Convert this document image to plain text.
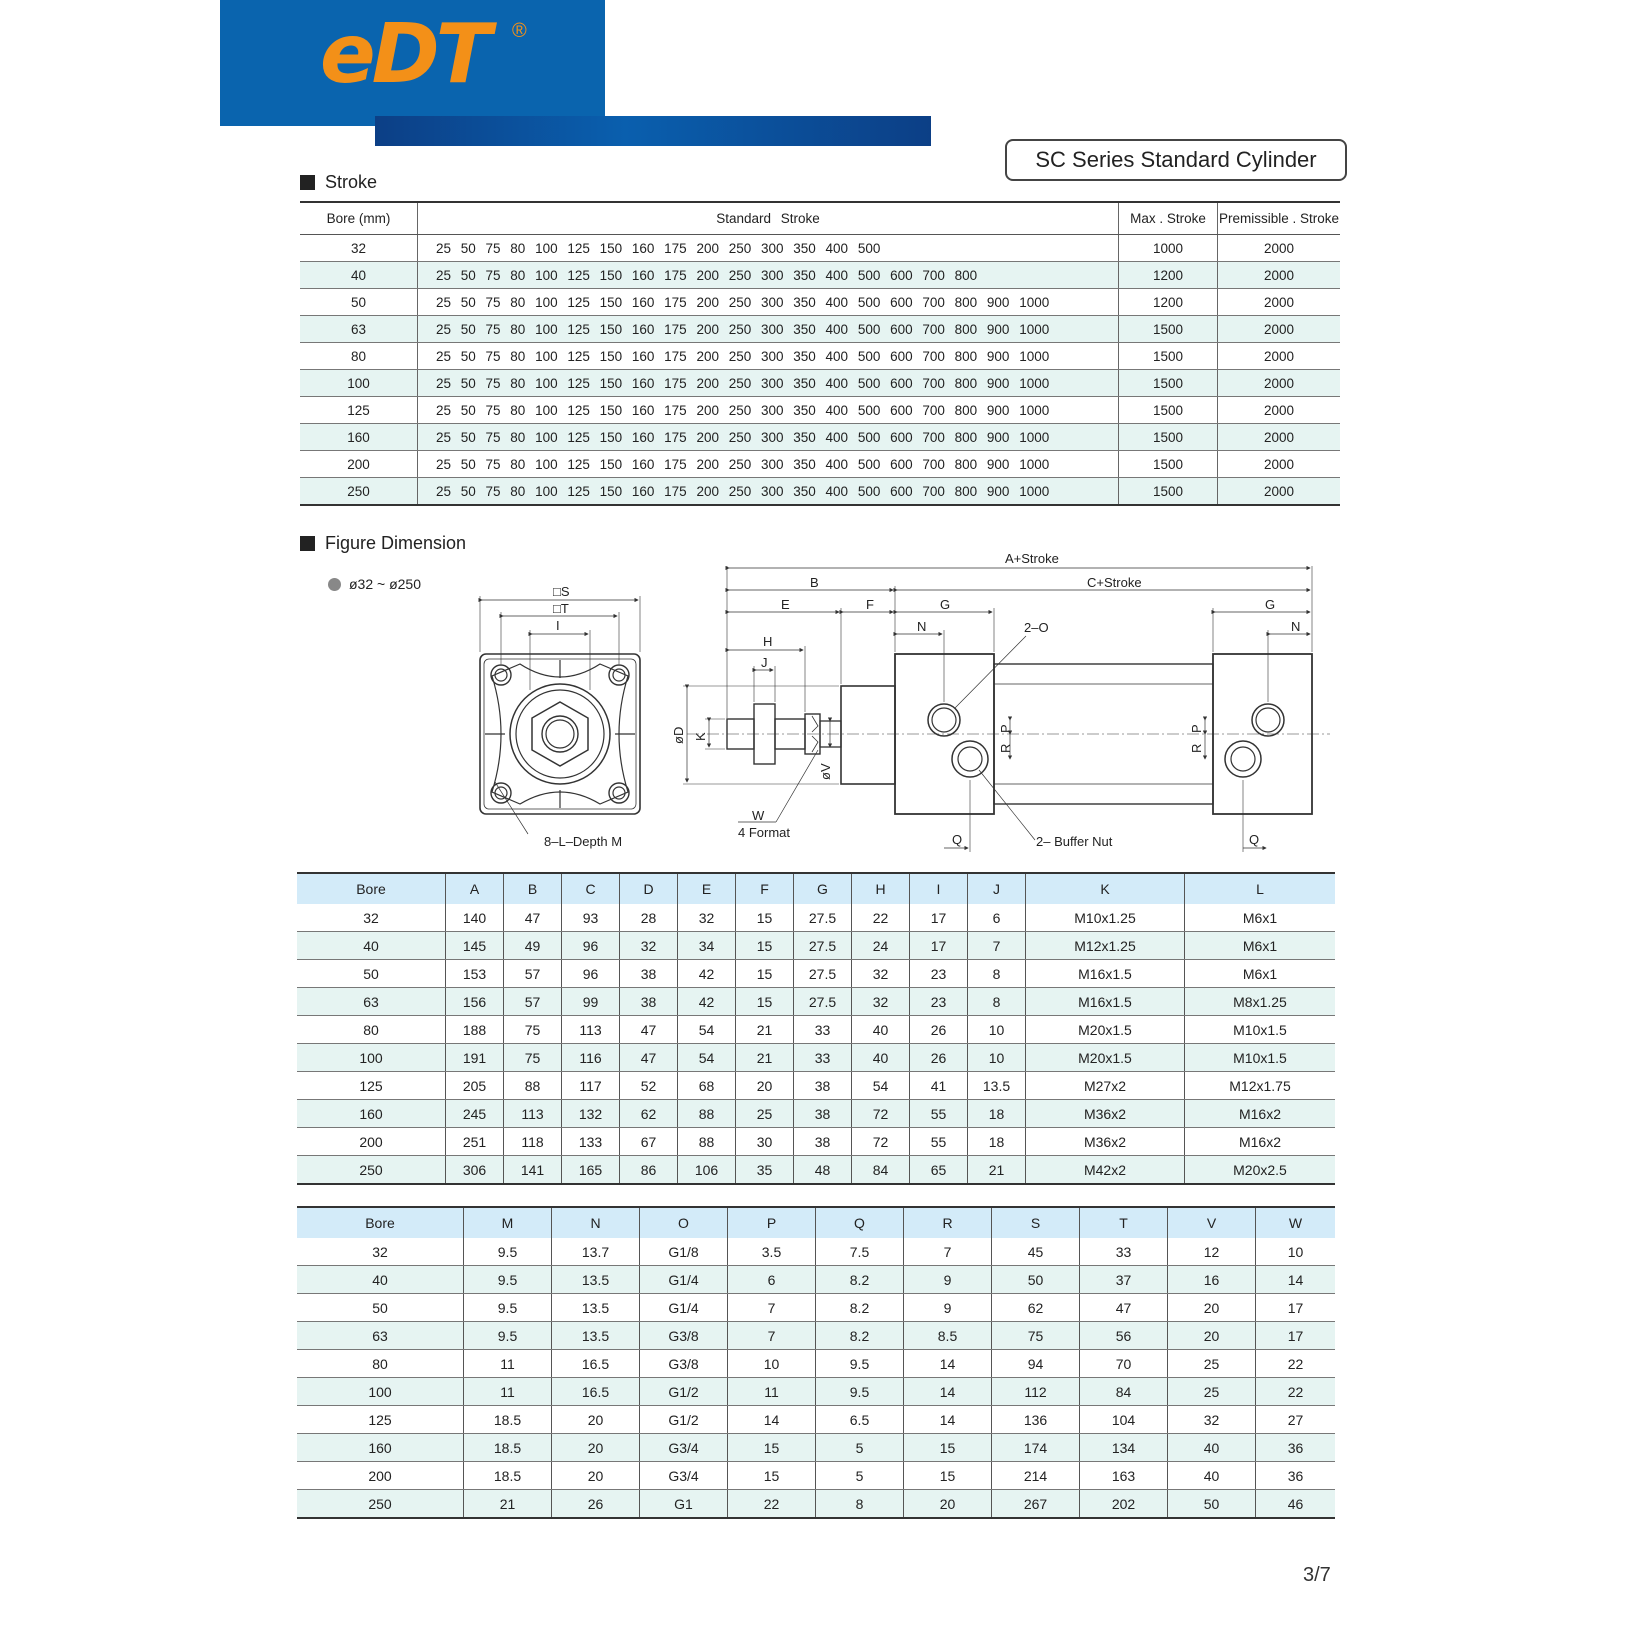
eDT ®
SC Series Standard Cylinder
Stroke
Bore (mm)	Standard Stroke	Max . Stroke	Premissible . Stroke
32	25 50 75 80 100 125 150 160 175 200 250 300 350 400 500	1000	2000
40	25 50 75 80 100 125 150 160 175 200 250 300 350 400 500 600 700 800	1200	2000
50	25 50 75 80 100 125 150 160 175 200 250 300 350 400 500 600 700 800 900 1000	1200	2000
63	25 50 75 80 100 125 150 160 175 200 250 300 350 400 500 600 700 800 900 1000	1500	2000
80	25 50 75 80 100 125 150 160 175 200 250 300 350 400 500 600 700 800 900 1000	1500	2000
100	25 50 75 80 100 125 150 160 175 200 250 300 350 400 500 600 700 800 900 1000	1500	2000
125	25 50 75 80 100 125 150 160 175 200 250 300 350 400 500 600 700 800 900 1000	1500	2000
160	25 50 75 80 100 125 150 160 175 200 250 300 350 400 500 600 700 800 900 1000	1500	2000
200	25 50 75 80 100 125 150 160 175 200 250 300 350 400 500 600 700 800 900 1000	1500	2000
250	25 50 75 80 100 125 150 160 175 200 250 300 350 400 500 600 700 800 900 1000	1500	2000
Figure Dimension
ø32 ~ ø250	□S
□T
I
8–L–Depth M
A+Stroke
B	C+Stroke
E	F	G	G
N	N
2–O
H
J
øD K
øV
P
R
P
R
W
4 Format	Q	Q
2– Buffer Nut
Bore	A	B	C	D	E	F	G	H	I	J	K	L
32	140	47	93	28	32	15	27.5	22	17	6	M10x1.25	M6x1
40	145	49	96	32	34	15	27.5	24	17	7	M12x1.25	M6x1
50	153	57	96	38	42	15	27.5	32	23	8	M16x1.5	M6x1
63	156	57	99	38	42	15	27.5	32	23	8	M16x1.5	M8x1.25
80	188	75	113	47	54	21	33	40	26	10	M20x1.5	M10x1.5
100	191	75	116	47	54	21	33	40	26	10	M20x1.5	M10x1.5
125	205	88	117	52	68	20	38	54	41	13.5	M27x2	M12x1.75
160	245	113	132	62	88	25	38	72	55	18	M36x2	M16x2
200	251	118	133	67	88	30	38	72	55	18	M36x2	M16x2
250	306	141	165	86	106	35	48	84	65	21	M42x2	M20x2.5
Bore	M	N	O	P	Q	R	S	T	V	W
32	9.5	13.7	G1/8	3.5	7.5	7	45	33	12	10
40	9.5	13.5	G1/4	6	8.2	9	50	37	16	14
50	9.5	13.5	G1/4	7	8.2	9	62	47	20	17
63	9.5	13.5	G3/8	7	8.2	8.5	75	56	20	17
80	11	16.5	G3/8	10	9.5	14	94	70	25	22
100	11	16.5	G1/2	11	9.5	14	112	84	25	22
125	18.5	20	G1/2	14	6.5	14	136	104	32	27
160	18.5	20	G3/4	15	5	15	174	134	40	36
200	18.5	20	G3/4	15	5	15	214	163	40	36
250	21	26	G1	22	8	20	267	202	50	46
3/7
